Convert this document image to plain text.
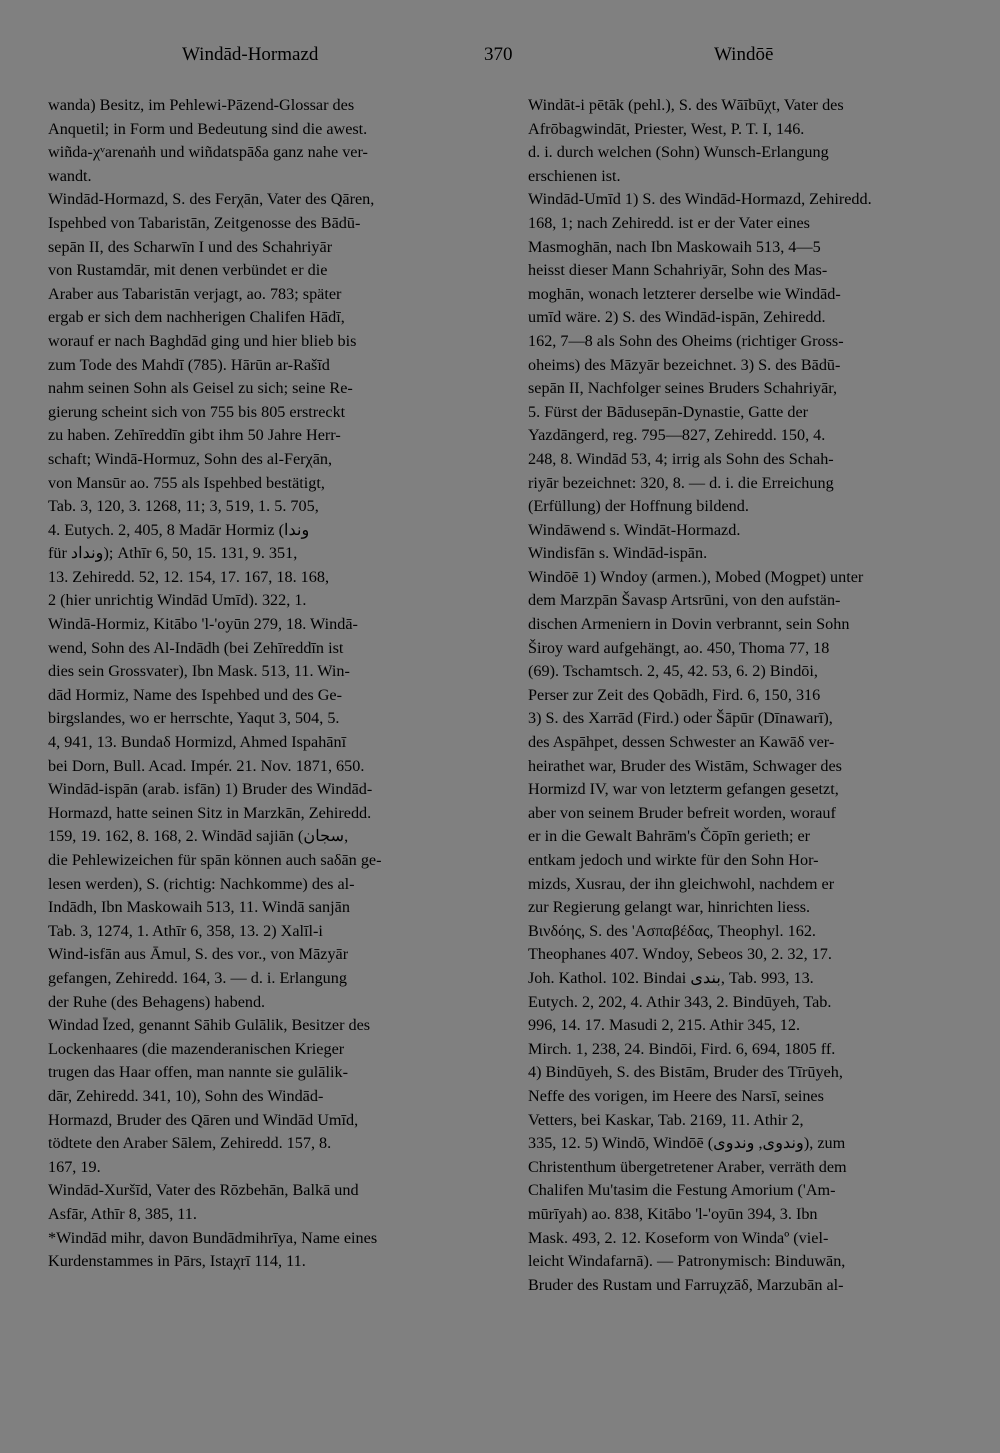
Windād-Hormazd	370	Windōē

wanda) Besitz, im Pehlewi-Pāzend-Glossar des
Anquetil; in Form und Bedeutung sind die awest.
wiñda-χᵛarenaṅh und wiñdatspāδa ganz nahe ver-
wandt.

Windād-Hormazd, S. des Ferχān, Vater des Qāren,
Ispehbed von Tabaristān, Zeitgenosse des Bādū-
sepān II, des Scharwīn I und des Schahriyār
von Rustamdār, mit denen verbündet er die
Araber aus Tabaristān verjagt, ao. 783; später
ergab er sich dem nachherigen Chalifen Hādī,
worauf er nach Baghdād ging und hier blieb bis
zum Tode des Mahdī (785). Hārūn ar-Rašīd
nahm seinen Sohn als Geisel zu sich; seine Re-
gierung scheint sich von 755 bis 805 erstreckt
zu haben. Zehīreddīn gibt ihm 50 Jahre Herr-
schaft; Windā-Hormuz, Sohn des al-Ferχān,
von Mansūr ao. 755 als Ispehbed bestätigt,
Tab. 3, 120, 3. 1268, 11; 3, 519, 1. 5. 705,
4. Eutych. 2, 405, 8 Madār Hormiz (وندا
für ونداد); Athīr 6, 50, 15. 131, 9. 351,
13. Zehiredd. 52, 12. 154, 17. 167, 18. 168,
2 (hier unrichtig Windād Umīd). 322, 1.
Windā-Hormiz, Kitābo 'l-'oyūn 279, 18. Windā-
wend, Sohn des Al-Indādh (bei Zehīreddīn ist
dies sein Grossvater), Ibn Mask. 513, 11. Win-
dād Hormiz, Name des Ispehbed und des Ge-
birgslandes, wo er herrschte, Yaqut 3, 504, 5.
4, 941, 13. Bundaδ Hormizd, Ahmed Ispahānī
bei Dorn, Bull. Acad. Impér. 21. Nov. 1871, 650.

Windād-ispān (arab. isfān) 1) Bruder des Windād-
Hormazd, hatte seinen Sitz in Marzkān, Zehiredd.
159, 19. 162, 8. 168, 2. Windād sajiān (سجان,
die Pehlewizeichen für spān können auch saδān ge-
lesen werden), S. (richtig: Nachkomme) des al-
Indādh, Ibn Maskowaih 513, 11. Windā sanjān
Tab. 3, 1274, 1. Athīr 6, 358, 13. 2) Xalīl-i
Wind-isfān aus Āmul, S. des vor., von Māzyār
gefangen, Zehiredd. 164, 3. — d. i. Erlangung
der Ruhe (des Behagens) habend.

Windad Īzed, genannt Sāhib Gulālik, Besitzer des
Lockenhaares (die mazenderanischen Krieger
trugen das Haar offen, man nannte sie gulālik-
dār, Zehiredd. 341, 10), Sohn des Windād-
Hormazd, Bruder des Qāren und Windād Umīd,
tödtete den Araber Sālem, Zehiredd. 157, 8.
167, 19.

Windād-Xuršīd, Vater des Rōzbehān, Balkā und
Asfār, Athīr 8, 385, 11.

*Windād mihr, davon Bundādmihrīya, Name eines
Kurdenstammes in Pārs, Istaχrī 114, 11.

Windāt-i pētāk (pehl.), S. des Wāībūχt, Vater des
Afrōbagwindāt, Priester, West, P. T. I, 146.
d. i. durch welchen (Sohn) Wunsch-Erlangung
erschienen ist.

Windād-Umīd 1) S. des Windād-Hormazd, Zehiredd.
168, 1; nach Zehiredd. ist er der Vater eines
Masmoghān, nach Ibn Maskowaih 513, 4—5
heisst dieser Mann Schahriyār, Sohn des Mas-
moghān, wonach letzterer derselbe wie Windād-
umīd wäre. 2) S. des Windād-ispān, Zehiredd.
162, 7—8 als Sohn des Oheims (richtiger Gross-
oheims) des Māzyār bezeichnet. 3) S. des Bādū-
sepān II, Nachfolger seines Bruders Schahriyār,
5. Fürst der Bādusepān-Dynastie, Gatte der
Yazdāngerd, reg. 795—827, Zehiredd. 150, 4.
248, 8. Windād 53, 4; irrig als Sohn des Schah-
riyār bezeichnet: 320, 8. — d. i. die Erreichung
(Erfüllung) der Hoffnung bildend.

Windāwend s. Windāt-Hormazd.

Windisfān s. Windād-ispān.

Windōē 1) Wndoy (armen.), Mobed (Mogpet) unter
dem Marzpān Šavasp Artsrūni, von den aufstän-
dischen Armeniern in Dovin verbrannt, sein Sohn
Široy ward aufgehängt, ao. 450, Thoma 77, 18
(69). Tschamtsch. 2, 45, 42. 53, 6. 2) Bindōi,
Perser zur Zeit des Qobādh, Fird. 6, 150, 316
3) S. des Xarrād (Fird.) oder Šāpūr (Dīnawarī),
des Aspāhpet, dessen Schwester an Kawāδ ver-
heirathet war, Bruder des Wistām, Schwager des
Hormizd IV, war von letzterm gefangen gesetzt,
aber von seinem Bruder befreit worden, worauf
er in die Gewalt Bahrām's Čōpīn gerieth; er
entkam jedoch und wirkte für den Sohn Hor-
mizds, Xusrau, der ihn gleichwohl, nachdem er
zur Regierung gelangt war, hinrichten liess.
Βινδόης, S. des 'Ασπαβέδας, Theophyl. 162.
Theophanes 407. Wndoy, Sebeos 30, 2. 32, 17.
Joh. Kathol. 102. Bindai بندى, Tab. 993, 13.
Eutych. 2, 202, 4. Athir 343, 2. Bindūyeh, Tab.
996, 14. 17. Masudi 2, 215. Athir 345, 12.
Mirch. 1, 238, 24. Bindōi, Fird. 6, 694, 1805 ff.
4) Bindūyeh, S. des Bistām, Bruder des Tīrūyeh,
Neffe des vorigen, im Heere des Narsī, seines
Vetters, bei Kaskar, Tab. 2169, 11. Athir 2,
335, 12. 5) Windō, Windōē (وندوى, وندوى), zum
Christenthum übergetretener Araber, verräth dem
Chalifen Mu'tasim die Festung Amorium ('Am-
mūrīyah) ao. 838, Kitābo 'l-'oyūn 394, 3. Ibn
Mask. 493, 2. 12. Koseform von Windaº (viel-
leicht Windafarnā). — Patronymisch: Binduwān,
Bruder des Rustam und Farruχzāδ, Marzubān al-
